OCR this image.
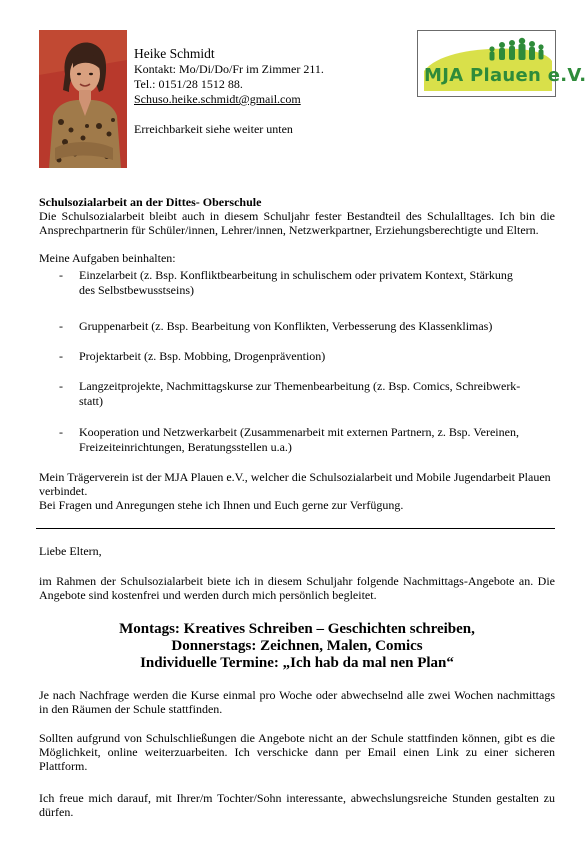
Heike Schmidt
Kontakt: Mo/Di/Do/Fr im Zimmer 211.
Tel.: 0151/28 1512 88.
Schuso.heike.schmidt@gmail.com
Erreichbarkeit siehe weiter unten
MJA Plauen e.V.
Schulsozialarbeit an der Dittes- Oberschule
Die Schulsozialarbeit bleibt auch in diesem Schuljahr fester Bestandteil des Schulalltages. Ich bin die Ansprechpartnerin für Schüler/innen, Lehrer/innen, Netzwerkpartner, Erziehungsberechtigte und Eltern.
Meine Aufgaben beinhalten:
- Einzelarbeit (z. Bsp. Konfliktbearbeitung in schulischem oder privatem Kontext, Stärkung
des Selbstbewusstseins)
- Gruppenarbeit (z. Bsp. Bearbeitung von Konflikten, Verbesserung des Klassenklimas)
- Projektarbeit (z. Bsp. Mobbing, Drogenprävention)
- Langzeitprojekte, Nachmittagskurse zur Themenbearbeitung (z. Bsp. Comics, Schreibwerk-
statt)
- Kooperation und Netzwerkarbeit (Zusammenarbeit mit externen Partnern, z. Bsp. Vereinen,
Freizeiteinrichtungen, Beratungsstellen u.a.)
Mein Trägerverein ist der MJA Plauen e.V., welcher die Schulsozialarbeit und Mobile Jugendarbeit Plauen verbindet.
Bei Fragen und Anregungen stehe ich Ihnen und Euch gerne zur Verfügung.
Liebe Eltern,
im Rahmen der Schulsozialarbeit biete ich in diesem Schuljahr folgende Nachmittags-Angebote an. Die Angebote sind kostenfrei und werden durch mich persönlich begleitet.
Montags: Kreatives Schreiben – Geschichten schreiben,
Donnerstags: Zeichnen, Malen, Comics
Individuelle Termine: „Ich hab da mal nen Plan“
Je nach Nachfrage werden die Kurse einmal pro Woche oder abwechselnd alle zwei Wochen nachmittags in den Räumen der Schule stattfinden.
Sollten aufgrund von Schulschließungen die Angebote nicht an der Schule stattfinden können, gibt es die Möglichkeit, online weiterzuarbeiten. Ich verschicke dann per Email einen Link zu einer sicheren Plattform.
Ich freue mich darauf, mit Ihrer/m Tochter/Sohn interessante, abwechslungsreiche Stunden gestalten zu dürfen.
